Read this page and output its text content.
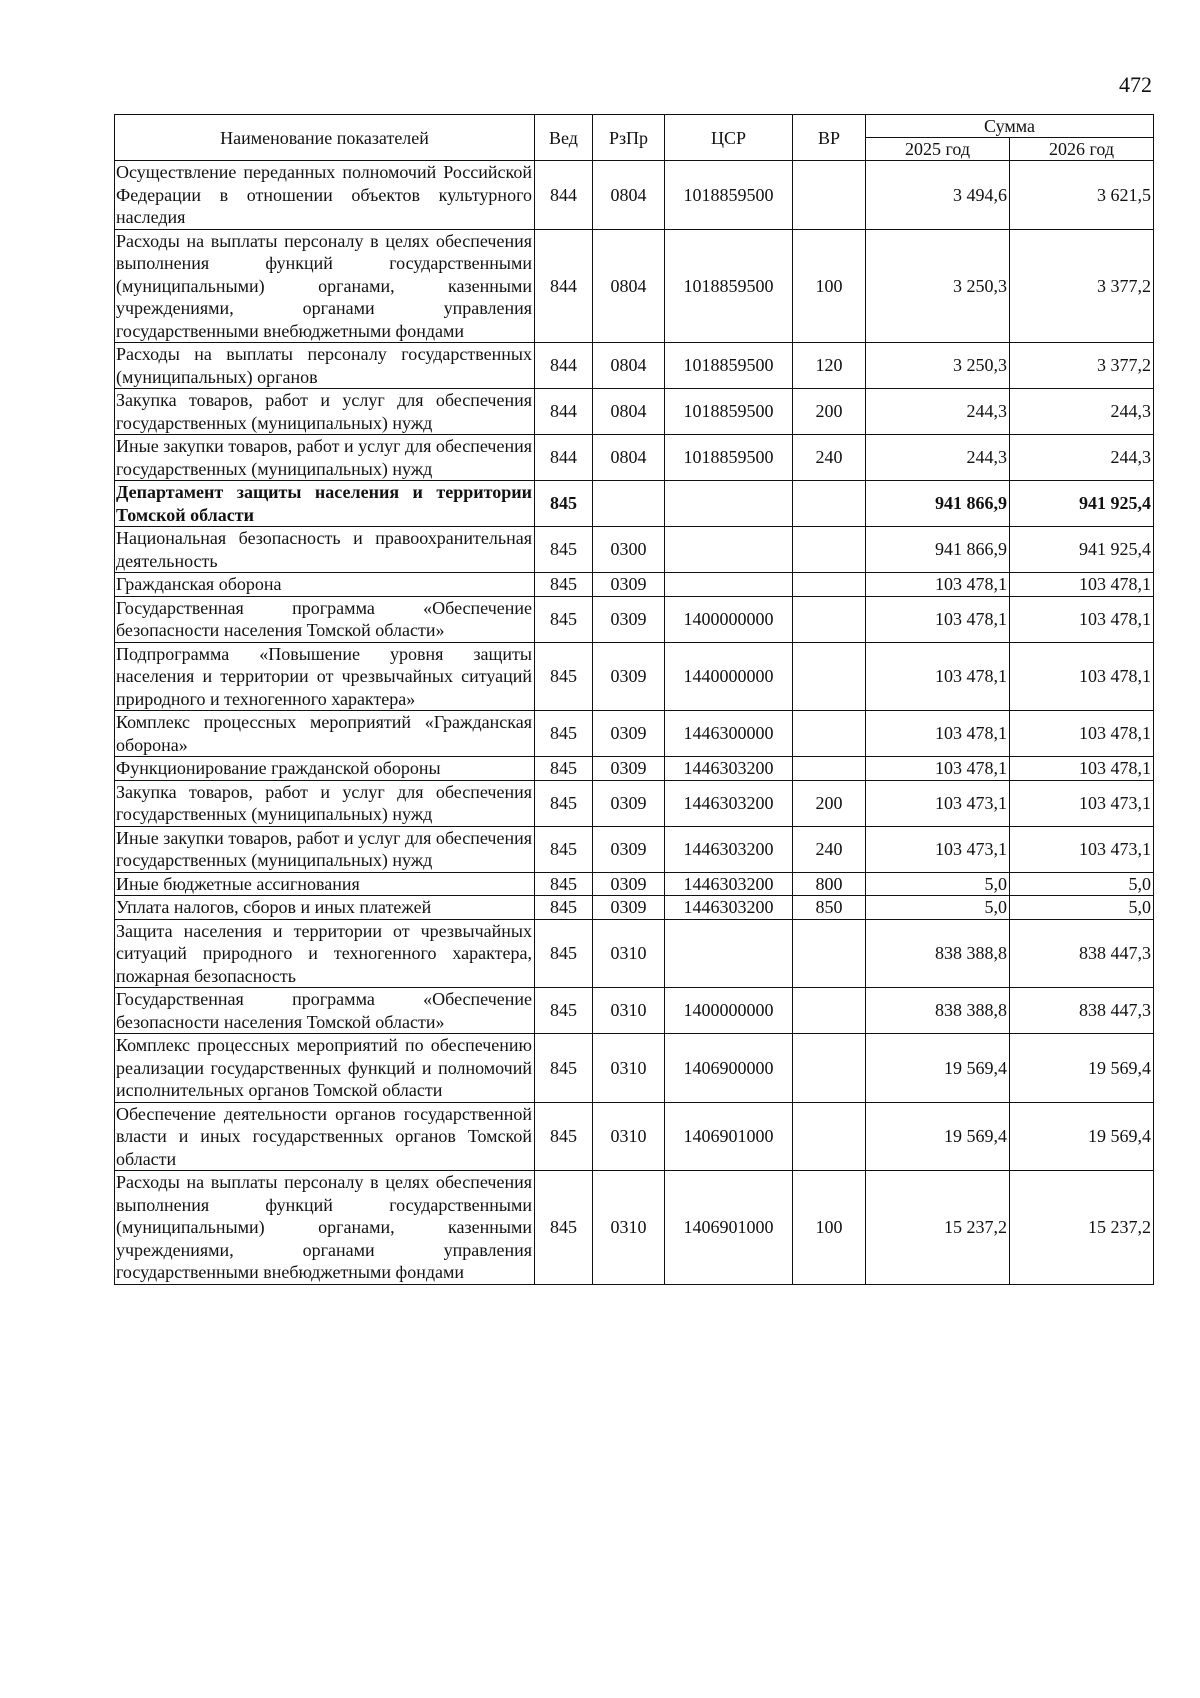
472
Наименование показателей	Вед	РзПр	ЦСР	ВР	Сумма	
					2025 год	2026 год
Осуществление переданных полномочий Российской Федерации в отношении объектов культурного наследия	844	0804	1018859500		3 494,6	3 621,5
Расходы на выплаты персоналу в целях обеспечения выполнения функций государственными (муниципальными) органами, казенными учреждениями, органами управления государственными внебюджетными фондами	844	0804	1018859500	100	3 250,3	3 377,2
Расходы на выплаты персоналу государственных (муниципальных) органов	844	0804	1018859500	120	3 250,3	3 377,2
Закупка товаров, работ и услуг для обеспечения государственных (муниципальных) нужд	844	0804	1018859500	200	244,3	244,3
Иные закупки товаров, работ и услуг для обеспечения государственных (муниципальных) нужд	844	0804	1018859500	240	244,3	244,3
Департамент защиты населения и территории Томской области	845				941 866,9	941 925,4
Национальная безопасность и правоохранительная деятельность	845	0300			941 866,9	941 925,4
Гражданская оборона	845	0309			103 478,1	103 478,1
Государственная программа «Обеспечение безопасности населения Томской области»	845	0309	1400000000		103 478,1	103 478,1
Подпрограмма «Повышение уровня защиты населения и территории от чрезвычайных ситуаций природного и техногенного характера»	845	0309	1440000000		103 478,1	103 478,1
Комплекс процессных мероприятий «Гражданская оборона»	845	0309	1446300000		103 478,1	103 478,1
Функционирование гражданской обороны	845	0309	1446303200		103 478,1	103 478,1
Закупка товаров, работ и услуг для обеспечения государственных (муниципальных) нужд	845	0309	1446303200	200	103 473,1	103 473,1
Иные закупки товаров, работ и услуг для обеспечения государственных (муниципальных) нужд	845	0309	1446303200	240	103 473,1	103 473,1
Иные бюджетные ассигнования	845	0309	1446303200	800	5,0	5,0
Уплата налогов, сборов и иных платежей	845	0309	1446303200	850	5,0	5,0
Защита населения и территории от чрезвычайных ситуаций природного и техногенного характера, пожарная безопасность	845	0310			838 388,8	838 447,3
Государственная программа «Обеспечение безопасности населения Томской области»	845	0310	1400000000		838 388,8	838 447,3
Комплекс процессных мероприятий по обеспечению реализации государственных функций и полномочий исполнительных органов Томской области	845	0310	1406900000		19 569,4	19 569,4
Обеспечение деятельности органов государственной власти и иных государственных органов Томской области	845	0310	1406901000		19 569,4	19 569,4
Расходы на выплаты персоналу в целях обеспечения выполнения функций государственными (муниципальными) органами, казенными учреждениями, органами управления государственными внебюджетными фондами	845	0310	1406901000	100	15 237,2	15 237,2
